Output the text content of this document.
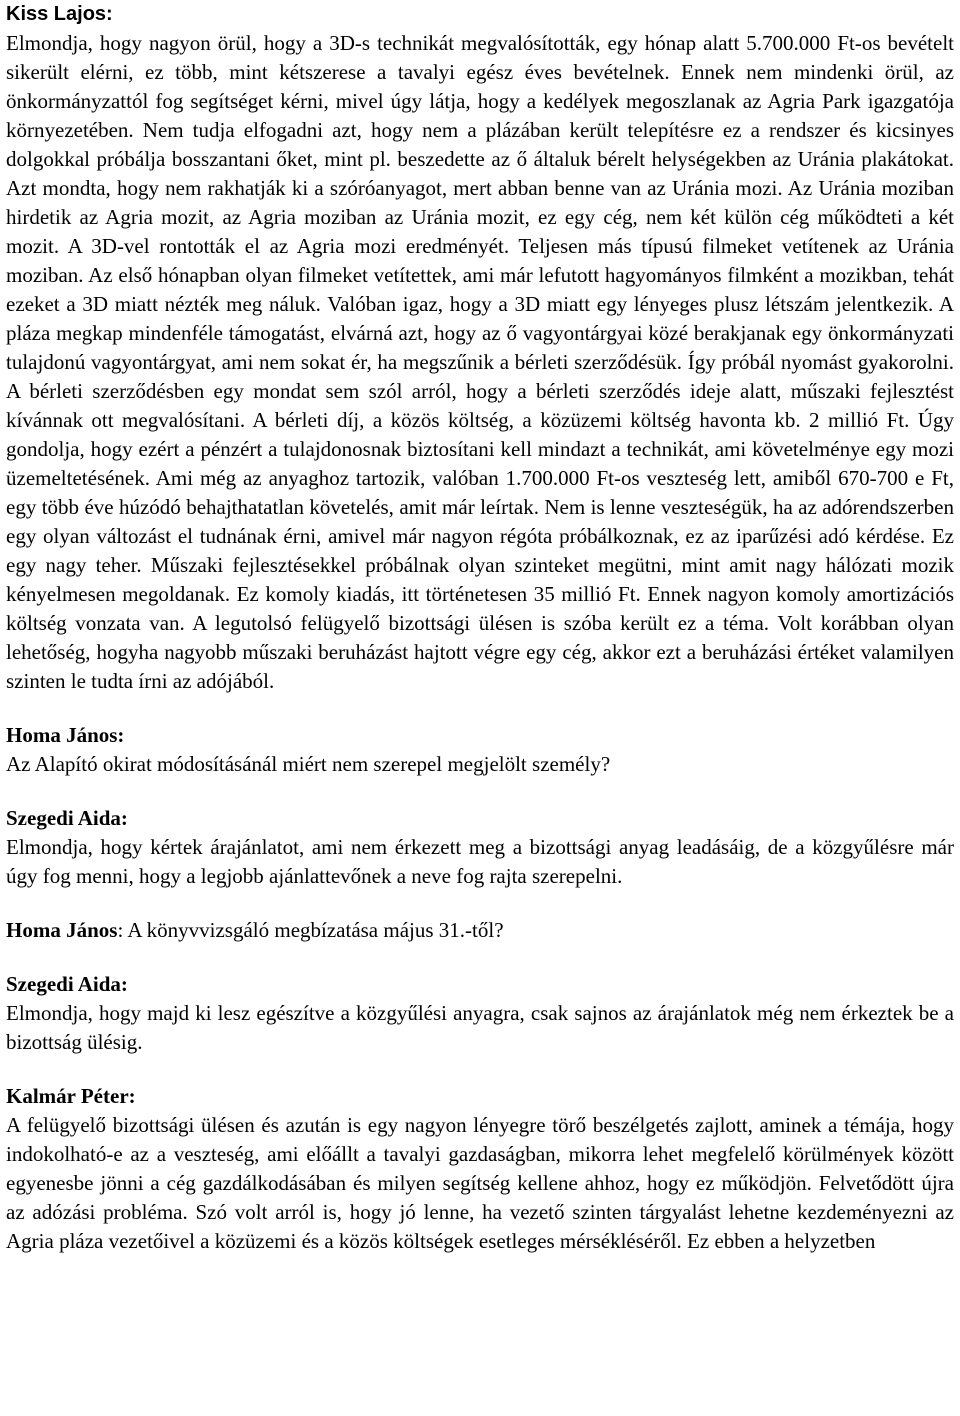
Kiss Lajos:

Elmondja, hogy nagyon örül, hogy a 3D-s technikát megvalósították, egy hónap alatt 5.700.000 Ft-os bevételt sikerült elérni, ez több, mint kétszerese a tavalyi egész éves bevételnek. Ennek nem mindenki örül, az önkormányzattól fog segítséget kérni, mivel úgy látja, hogy a kedélyek megoszlanak az Agria Park igazgatója környezetében. Nem tudja elfogadni azt, hogy nem a plázában került telepítésre ez a rendszer és kicsinyes dolgokkal próbálja bosszantani őket, mint pl. beszedette az ő általuk bérelt helységekben az Uránia plakátokat. Azt mondta, hogy nem rakhatják ki a szóróanyagot, mert abban benne van az Uránia mozi. Az Uránia moziban hirdetik az Agria mozit, az Agria moziban az Uránia mozit, ez egy cég, nem két külön cég működteti a két mozit. A 3D-vel rontották el az Agria mozi eredményét. Teljesen más típusú filmeket vetítenek az Uránia moziban. Az első hónapban olyan filmeket vetítettek, ami már lefutott hagyományos filmként a mozikban, tehát ezeket a 3D miatt nézték meg náluk. Valóban igaz, hogy a 3D miatt egy lényeges plusz létszám jelentkezik. A pláza megkap mindenféle támogatást, elvárná azt, hogy az ő vagyontárgyai közé berakjanak egy önkormányzati tulajdonú vagyontárgyat, ami nem sokat ér, ha megszűnik a bérleti szerződésük. Így próbál nyomást gyakorolni. A bérleti szerződésben egy mondat sem szól arról, hogy a bérleti szerződés ideje alatt, műszaki fejlesztést kívánnak ott megvalósítani. A bérleti díj, a közös költség, a közüzemi költség havonta kb. 2 millió Ft. Úgy gondolja, hogy ezért a pénzért a tulajdonosnak biztosítani kell mindazt a technikát, ami követelménye egy mozi üzemeltetésének. Ami még az anyaghoz tartozik, valóban 1.700.000 Ft-os veszteség lett, amiből 670-700 e Ft, egy több éve húzódó behajthatatlan követelés, amit már leírtak. Nem is lenne veszteségük, ha az adórendszerben egy olyan változást el tudnának érni, amivel már nagyon régóta próbálkoznak, ez az iparűzési adó kérdése. Ez egy nagy teher. Műszaki fejlesztésekkel próbálnak olyan szinteket megütni, mint amit nagy hálózati mozik kényelmesen megoldanak. Ez komoly kiadás, itt történetesen 35 millió Ft. Ennek nagyon komoly amortizációs költség vonzata van. A legutolsó felügyelő bizottsági ülésen is szóba került ez a téma. Volt korábban olyan lehetőség, hogyha nagyobb műszaki beruházást hajtott végre egy cég, akkor ezt a beruházási értéket valamilyen szinten le tudta írni az adójából.

Homa János:

Az Alapító okirat módosításánál miért nem szerepel megjelölt személy?

Szegedi Aida:

Elmondja, hogy kértek árajánlatot, ami nem érkezett meg a bizottsági anyag leadásáig, de a közgyűlésre már úgy fog menni, hogy a legjobb ajánlattevőnek a neve fog rajta szerepelni.

Homa János: A könyvvizsgáló megbízatása május 31.-től?
Szegedi Aida:

Elmondja, hogy majd ki lesz egészítve a közgyűlési anyagra, csak sajnos az árajánlatok még nem érkeztek be a bizottság ülésig.

Kalmár Péter:

A felügyelő bizottsági ülésen és azután is egy nagyon lényegre törő beszélgetés zajlott, aminek a témája, hogy indokolható-e az a veszteség, ami előállt a tavalyi gazdaságban, mikorra lehet megfelelő körülmények között egyenesbe jönni a cég gazdálkodásában és milyen segítség kellene ahhoz, hogy ez működjön. Felvetődött újra az adózási probléma. Szó volt arról is, hogy jó lenne, ha vezető szinten tárgyalást lehetne kezdeményezni az Agria pláza vezetőivel a közüzemi és a közös költségek esetleges mérsékléséről. Ez ebben a helyzetben
